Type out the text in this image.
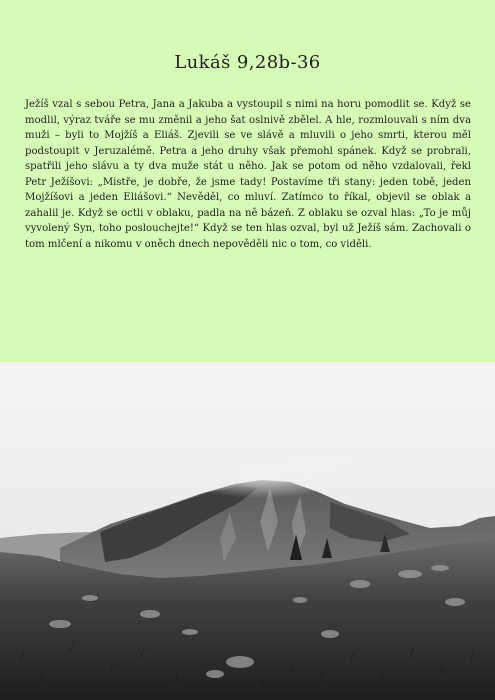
Lukáš 9,28b-36

Ježíš vzal s sebou Petra, Jana a Jakuba a vystoupil s nimi na horu pomodlit se. Když se modlil, výraz tváře se mu změnil a jeho šat oslnivě zbělel. A hle, rozmlouvali s ním dva muži – byli to Mojžíš a Eliáš. Zjevili se ve slávě a mluvili o jeho smrti, kterou měl podstoupit v Jeruzalémě. Petra a jeho druhy však přemohl spánek. Když se probrali, spatřili jeho slávu a ty dva muže stát u něho. Jak se potom od něho vzdalovali, řekl Petr Ježíšovi: „Mistře, je dobře, že jsme tady! Postavíme tři stany: jeden tobě, jeden Mojžíšovi a jeden Eliášovi.“ Nevěděl, co mluví. Zatímco to říkal, objevil se oblak a zahalil je. Když se octli v oblaku, padla na ně bázeň. Z oblaku se ozval hlas: „To je můj vyvolený Syn, toho poslouchejte!“ Když se ten hlas ozval, byl už Ježíš sám. Zachovali o tom mlčení a nikomu v oněch dnech nepověděli nic o tom, co viděli.
